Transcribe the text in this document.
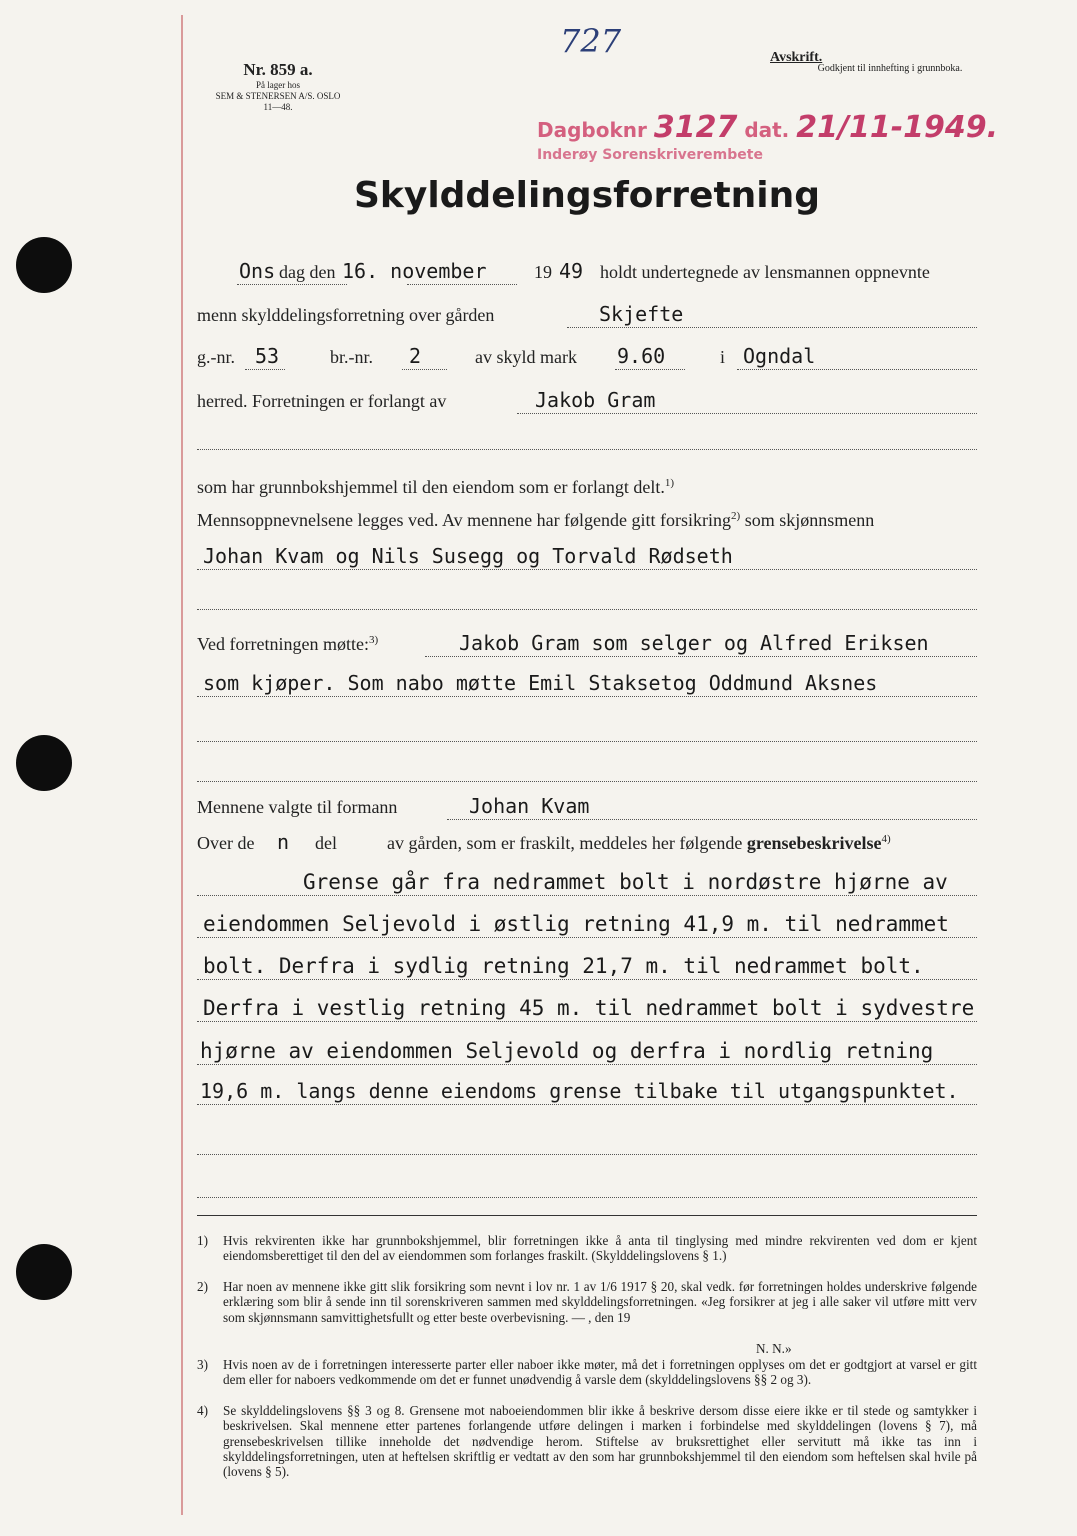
Nr. 859 a.
På lager hos
SEM & STENERSEN A/S. OSLO
11—48.
727
Dagboknr 3127 dat. 21/11-1949.
Inderøy Sorenskriverembete
Avskrift.
Godkjent til innhefting i grunnboka.
Skylddelingsforretning
Ons dag den 16. november	19 49 holdt undertegnede av lensmannen oppnevnte
menn skylddelingsforretning over gården	Skjefte
g.-nr. 53	br.-nr. 2	av skyld mark 9.60	i Ogndal
herred. Forretningen er forlangt av	Jakob Gram
som har grunnbokshjemmel til den eiendom som er forlangt delt.$^{1)}$
Mennsoppnevnelsene legges ved. Av mennene har følgende gitt forsikring$^{2)}$ som skjønnsmenn
Johan Kvam og Nils Susegg og Torvald Rødseth
Ved forretningen møtte:$^{3)}$	Jakob Gram som selger og Alfred Eriksen
som kjøper. Som nabo møtte Emil Staksetog Oddmund Aksnes
Mennene valgte til formann	Johan Kvam
Over de n del	av gården, som er fraskilt, meddeles her følgende grensebeskrivelse$^{4)}$
Grense går fra nedrammet bolt i nordøstre hjørne av
eiendommen Seljevold i østlig retning 41,9 m. til nedrammet
bolt. Derfra i sydlig retning 21,7 m. til nedrammet bolt.
Derfra i vestlig retning 45 m. til nedrammet bolt i sydvestre
hjørne av eiendommen Seljevold og derfra i nordlig retning
19,6 m. langs denne eiendoms grense tilbake til utgangspunktet.
1)	Hvis rekvirenten ikke har grunnbokshjemmel, blir forretningen ikke å anta til tinglysing med mindre rekvirenten ved dom er kjent eiendomsberettiget til den del av eiendommen som forlanges fraskilt. (Skylddelingslovens § 1.)
2)	Har noen av mennene ikke gitt slik forsikring som nevnt i lov nr. 1 av 1/6 1917 § 20, skal vedk. før forretningen holdes underskrive følgende erklæring som blir å sende inn til sorenskriveren sammen med skylddelingsforretningen. «Jeg forsikrer at jeg i alle saker vil utføre mitt verv som skjønnsmann samvittighetsfullt og etter beste overbevisning. — , den 19
N. N.»
3)	Hvis noen av de i forretningen interesserte parter eller naboer ikke møter, må det i forretningen opplyses om det er godtgjort at varsel er gitt dem eller for naboers vedkommende om det er funnet unødvendig å varsle dem (skylddelingslovens §§ 2 og 3).
4)	Se skylddelingslovens §§ 3 og 8. Grensene mot naboeiendommen blir ikke å beskrive dersom disse eiere ikke er til stede og samtykker i beskrivelsen. Skal mennene etter partenes forlangende utføre delingen i marken i forbindelse med skylddelingen (lovens § 7), må grensebeskrivelsen tillike inneholde det nødvendige herom. Stiftelse av bruksrettighet eller servitutt må ikke tas inn i skylddelingsforretningen, uten at heftelsen skriftlig er vedtatt av den som har grunnbokshjemmel til den eiendom som heftelsen skal hvile på (lovens § 5).
